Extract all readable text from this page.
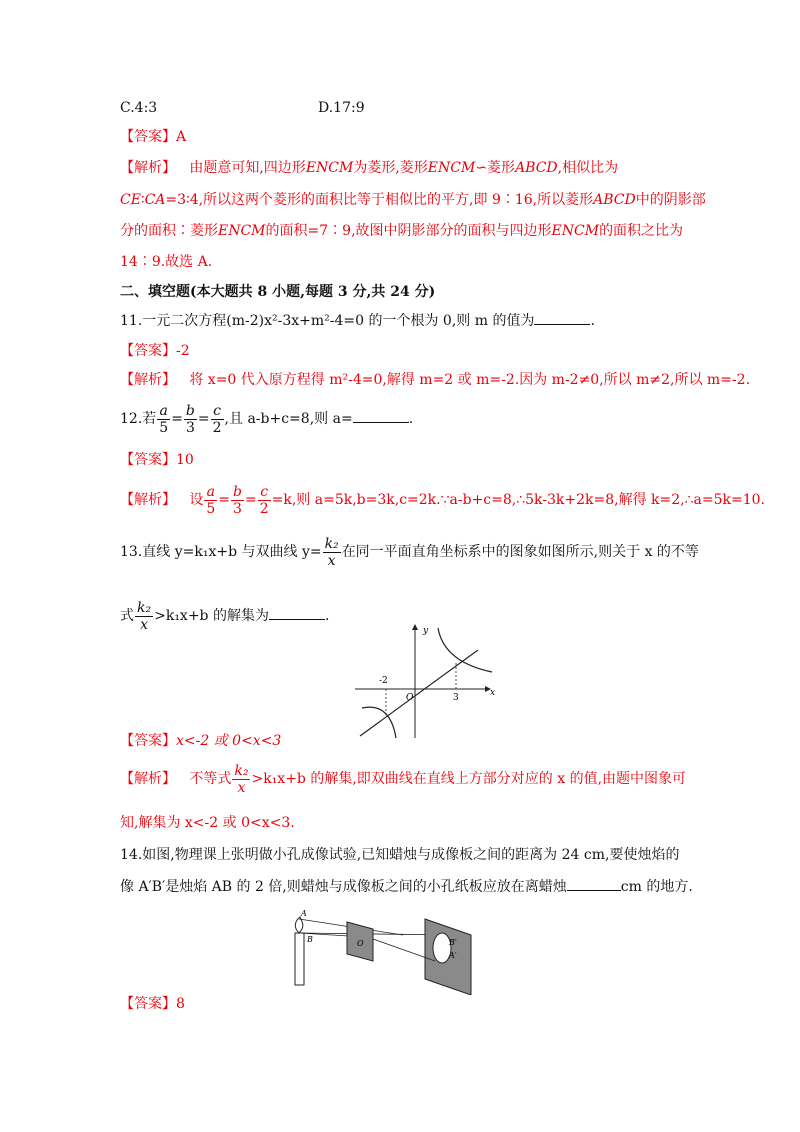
C.4:3	D.17:9
【答案】A
【解析】 由题意可知,四边形ENCM为菱形,菱形ENCM∽菱形ABCD,相似比为
CE∶CA=3∶4,所以这两个菱形的面积比等于相似比的平方,即 9∶16,所以菱形ABCD中的阴影部
分的面积∶菱形ENCM的面积=7∶9,故图中阴影部分的面积与四边形ENCM的面积之比为
14∶9.故选 A.
二、填空题(本大题共 8 小题,每题 3 分,共 24 分)
11.一元二次方程(m-2)x²-3x+m²-4=0 的一个根为 0,则 m 的值为	.
【答案】-2
【解析】 将 x=0 代入原方程得 m²-4=0,解得 m=2 或 m=-2.因为 m-2≠0,所以 m≠2,所以 m=-2.
12.若 $\frac{a}{5} = \frac{b}{3} = \frac{c}{2}$ ,且 a-b+c=8,则 a=	.
【答案】10
【解析】 设 $\frac{a}{5} = \frac{b}{3} = \frac{c}{2} =k$,则 a=5k,b=3k,c=2k.∵a-b+c=8,∴5k-3k+2k=8,解得 k=2,∴a=5k=10.
13.直线 y=k₁x+b 与双曲线 $y= \frac{\text{k₂}}{x}$ 在同一平面直角坐标系中的图象如图所示,则关于 x 的不等
式 $\frac{\text{k₂}}{x} >k_1x+b$ 的解集为	.
y
x
O
-2
3
【答案】x<-2 或 0<x<3
【解析】 不等式 $\frac{\text{k₂}}{x} >k_1x+b$ 的解集,即双曲线在直线上方部分对应的 x 的值,由题中图象可
知,解集为 x<-2 或 0<x<3.
14.如图,物理课上张明做小孔成像试验,已知蜡烛与成像板之间的距离为 24 cm,要使烛焰的
像 A′B′是烛焰 AB 的 2 倍,则蜡烛与成像板之间的小孔纸板应放在离蜡烛	cm 的地方.
A
B	O	B′
A′
【答案】8
